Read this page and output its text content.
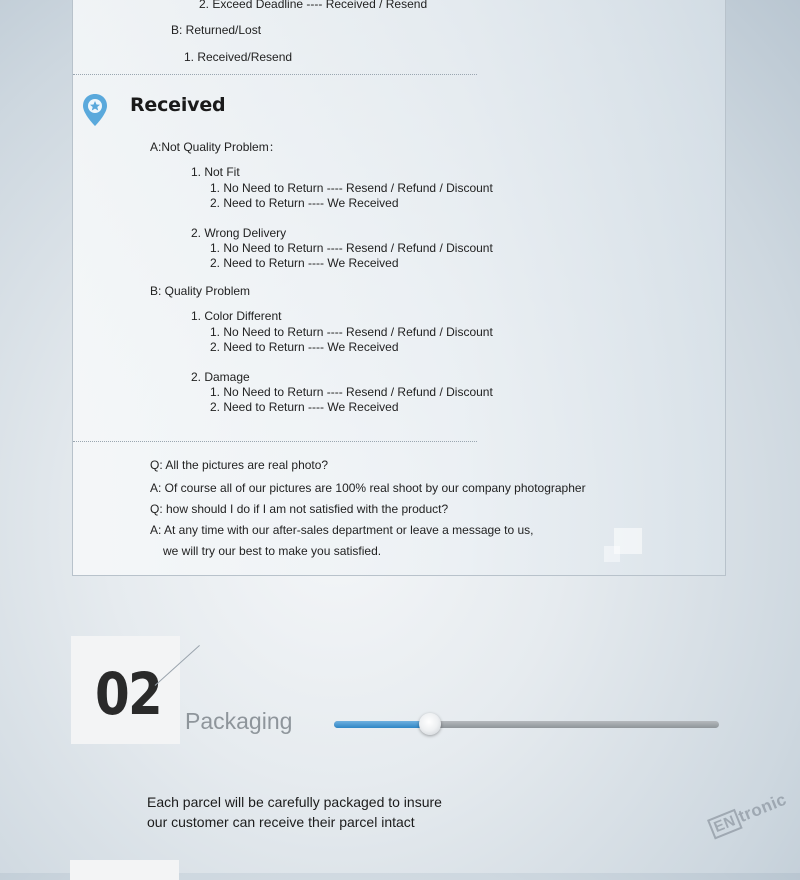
2. Exceed Deadline ---- Received / Resend
B: Returned/Lost
1. Received/Resend
Received
A:Not Quality Problem：
1. Not Fit
1. No Need to Return ---- Resend / Refund / Discount
2. Need to Return ---- We Received
2. Wrong Delivery
1. No Need to Return ---- Resend / Refund / Discount
2. Need to Return ---- We Received
B: Quality Problem
1. Color Different
1. No Need to Return ---- Resend / Refund / Discount
2. Need to Return ---- We Received
2. Damage
1. No Need to Return ---- Resend / Refund / Discount
2. Need to Return ---- We Received
Q: All the pictures are real photo?
A: Of course all of our pictures are 100% real shoot by our company photographer
Q: how should I do if I am not satisfied with the product?
A: At any time with our after-sales department or leave a message to us,
we will try our best to make you satisfied.
02 Packaging
Each parcel will be carefully packaged to insure
our customer can receive their parcel intact	ENtronic
